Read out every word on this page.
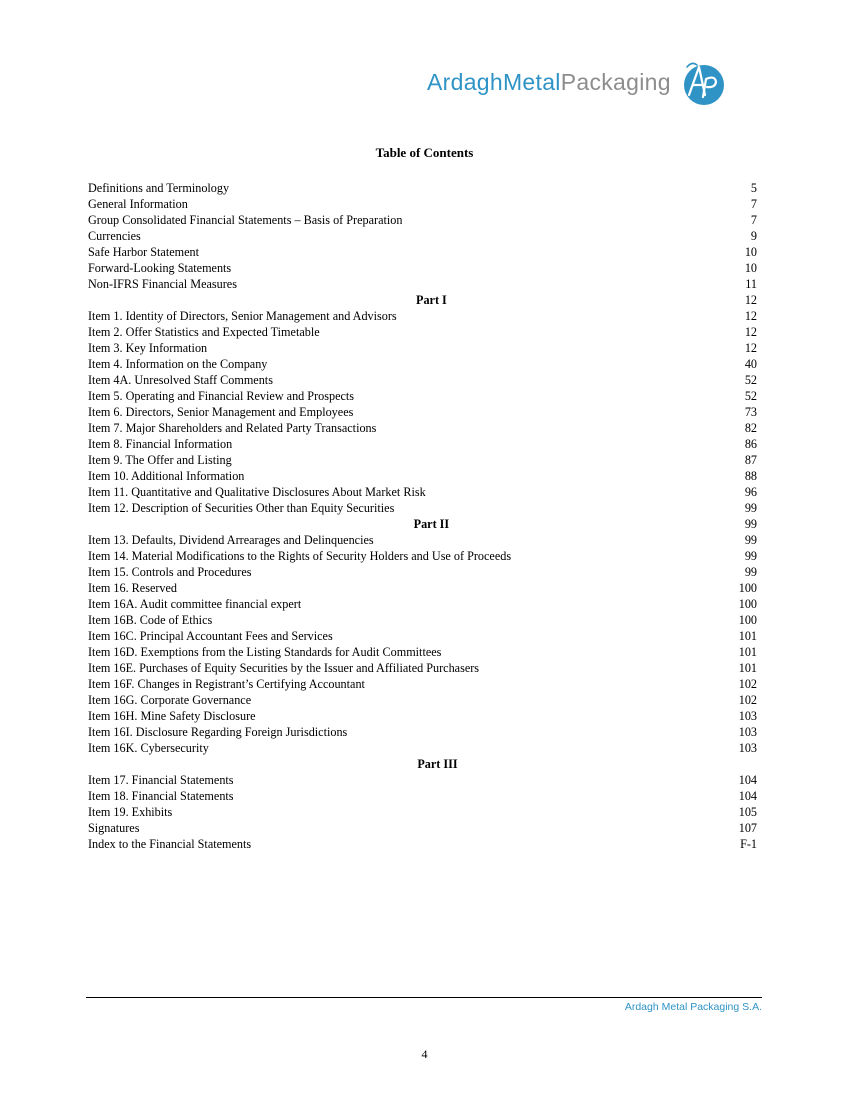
ArdaghMetalPackaging
Table of Contents
Definitions and Terminology	5
General Information	7
Group Consolidated Financial Statements – Basis of Preparation	7
Currencies	9
Safe Harbor Statement	10
Forward-Looking Statements	10
Non-IFRS Financial Measures	11
Part I	12
Item 1. Identity of Directors, Senior Management and Advisors	12
Item 2. Offer Statistics and Expected Timetable	12
Item 3. Key Information	12
Item 4. Information on the Company	40
Item 4A. Unresolved Staff Comments	52
Item 5. Operating and Financial Review and Prospects	52
Item 6. Directors, Senior Management and Employees	73
Item 7. Major Shareholders and Related Party Transactions	82
Item 8. Financial Information	86
Item 9. The Offer and Listing	87
Item 10. Additional Information	88
Item 11. Quantitative and Qualitative Disclosures About Market Risk	96
Item 12. Description of Securities Other than Equity Securities	99
Part II	99
Item 13. Defaults, Dividend Arrearages and Delinquencies	99
Item 14. Material Modifications to the Rights of Security Holders and Use of Proceeds	99
Item 15. Controls and Procedures	99
Item 16. Reserved	100
Item 16A. Audit committee financial expert	100
Item 16B. Code of Ethics	100
Item 16C. Principal Accountant Fees and Services	101
Item 16D. Exemptions from the Listing Standards for Audit Committees	101
Item 16E. Purchases of Equity Securities by the Issuer and Affiliated Purchasers	101
Item 16F. Changes in Registrant’s Certifying Accountant	102
Item 16G. Corporate Governance	102
Item 16H. Mine Safety Disclosure	103
Item 16I. Disclosure Regarding Foreign Jurisdictions	103
Item 16K. Cybersecurity	103
Part III
Item 17. Financial Statements	104
Item 18. Financial Statements	104
Item 19. Exhibits	105
Signatures	107
Index to the Financial Statements	F-1
Ardagh Metal Packaging S.A.
4
